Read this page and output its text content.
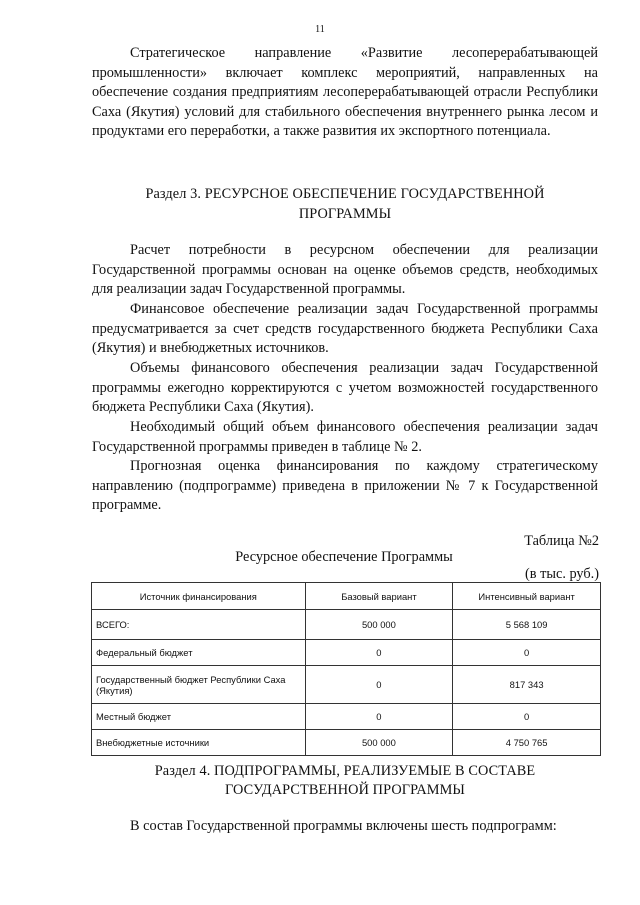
11

Стратегическое направление «Развитие лесоперерабатывающей промышленности» включает комплекс мероприятий, направленных на обеспечение создания предприятиям лесоперерабатывающей отрасли Республики Саха (Якутия) условий для стабильного обеспечения внутреннего рынка лесом и продуктами его переработки, а также развития их экспортного потенциала.

Раздел 3. РЕСУРСНОЕ ОБЕСПЕЧЕНИЕ ГОСУДАРСТВЕННОЙ

ПРОГРАММЫ

Расчет потребности в ресурсном обеспечении для реализации Государственной программы основан на оценке объемов средств, необходимых для реализации задач Государственной программы.

Финансовое обеспечение реализации задач Государственной программы предусматривается за счет средств государственного бюджета Республики Саха (Якутия) и внебюджетных источников.

Объемы финансового обеспечения реализации задач Государственной программы ежегодно корректируются с учетом возможностей государственного бюджета Республики Саха (Якутия).

Необходимый общий объем финансового обеспечения реализации задач Государственной программы приведен в таблице № 2.

Прогнозная оценка финансирования по каждому стратегическому направлению (подпрограмме) приведена в приложении № 7 к Государственной программе.

Таблица №2

Ресурсное обеспечение Программы

(в тыс. руб.)
Источник финансирования	Базовый вариант	Интенсивный вариант
ВСЕГО:	500 000	5 568 109
Федеральный бюджет	0	0
Государственный бюджет Республики Саха (Якутия)	0	817 343
Местный бюджет	0	0
Внебюджетные источники	500 000	4 750 765

Раздел 4. ПОДПРОГРАММЫ, РЕАЛИЗУЕМЫЕ В СОСТАВЕ

ГОСУДАРСТВЕННОЙ ПРОГРАММЫ

В состав Государственной программы включены шесть подпрограмм:
